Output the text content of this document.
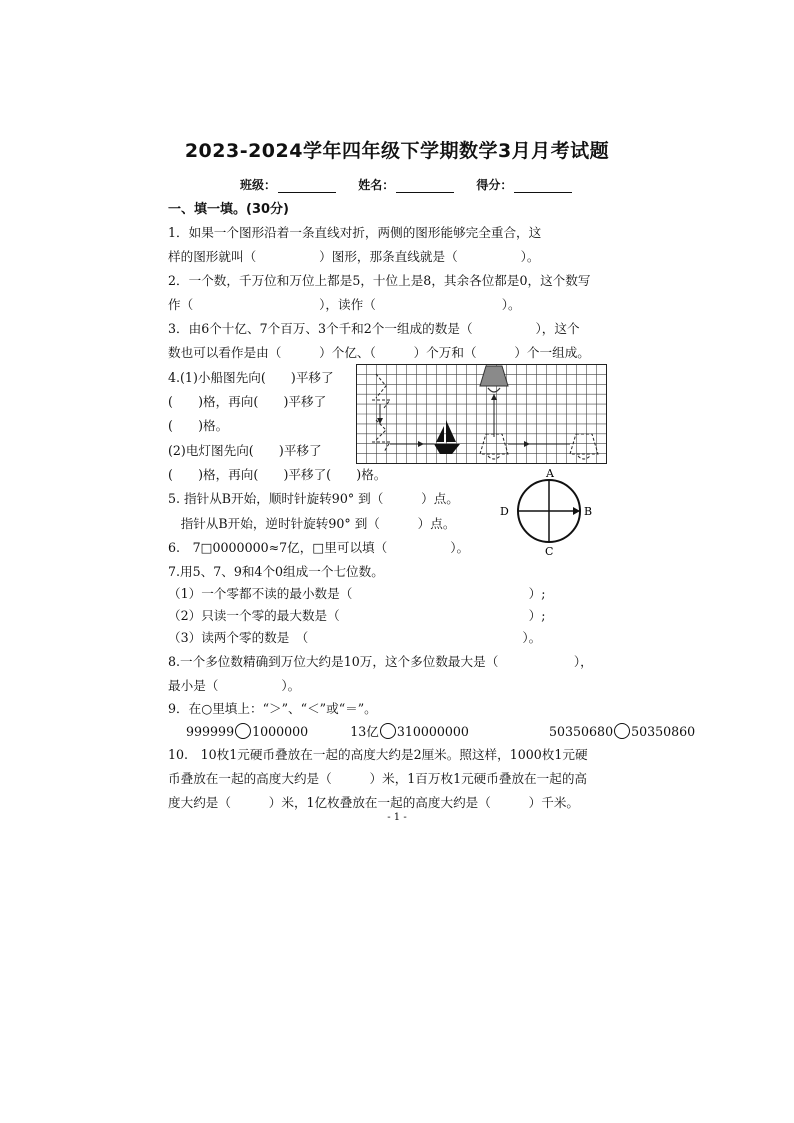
2023-2024学年四年级下学期数学3月月考试题
班级：	姓名：	得分：
一、填一填。(30分)
1．如果一个图形沿着一条直线对折，两侧的图形能够完全重合，这
样的图形就叫（　　　　　）图形，那条直线就是（　　　　　）。
2．一个数，千万位和万位上都是5，十位上是8，其余各位都是0，这个数写
作（　　　　　　　　　　），读作（　　　　　　　　　　）。
3．由6个十亿、7个百万、3个千和2个一组成的数是（　　　　　），这个
数也可以看作是由（　　　）个亿、（　　　）个万和（　　　）个一组成。
4.(1)小船图先向(　　)平移了
(　　)格，再向(　　)平移了
(　　)格。
(2)电灯图先向(　　)平移了
(　　)格，再向(　　)平移了(　　)格。
5. 指针从B开始，顺时针旋转90° 到（　　　）点。
　指针从B开始，逆时针旋转90° 到（　　　）点。
6.　7□0000000≈7亿，□里可以填（　　　　　）。
7.用5、7、9和4个0组成一个七位数。
（1）一个零都不读的最小数是（　　　　　　　　　　　　　　）;
（2）只读一个零的最大数是（　　　　　　　　　　　　　　　）;
（3）读两个零的数是　（　　　　　　　　　　　　　　　　　）。
8.一个多位数精确到万位大约是10万，这个多位数最大是（　　　　　　），
最小是（　　　　　）。
9．在○里填上：“＞”、“＜”或“＝”。
999999 1000000	13亿 310000000	50350680 50350860
10.　10枚1元硬币叠放在一起的高度大约是2厘米。照这样，1000枚1元硬
币叠放在一起的高度大约是（　　　）米，1百万枚1元硬币叠放在一起的高
度大约是（　　　）米，1亿枚叠放在一起的高度大约是（　　　）千米。
A
D	B
C
- 1 -
